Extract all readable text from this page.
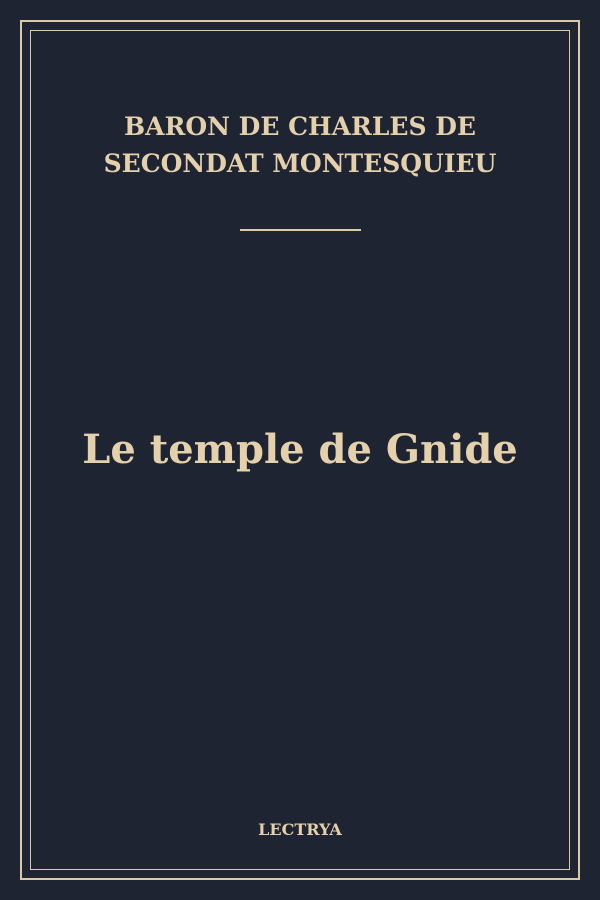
BARON DE CHARLES DE
SECONDAT MONTESQUIEU
Le temple de Gnide
LECTRYA
